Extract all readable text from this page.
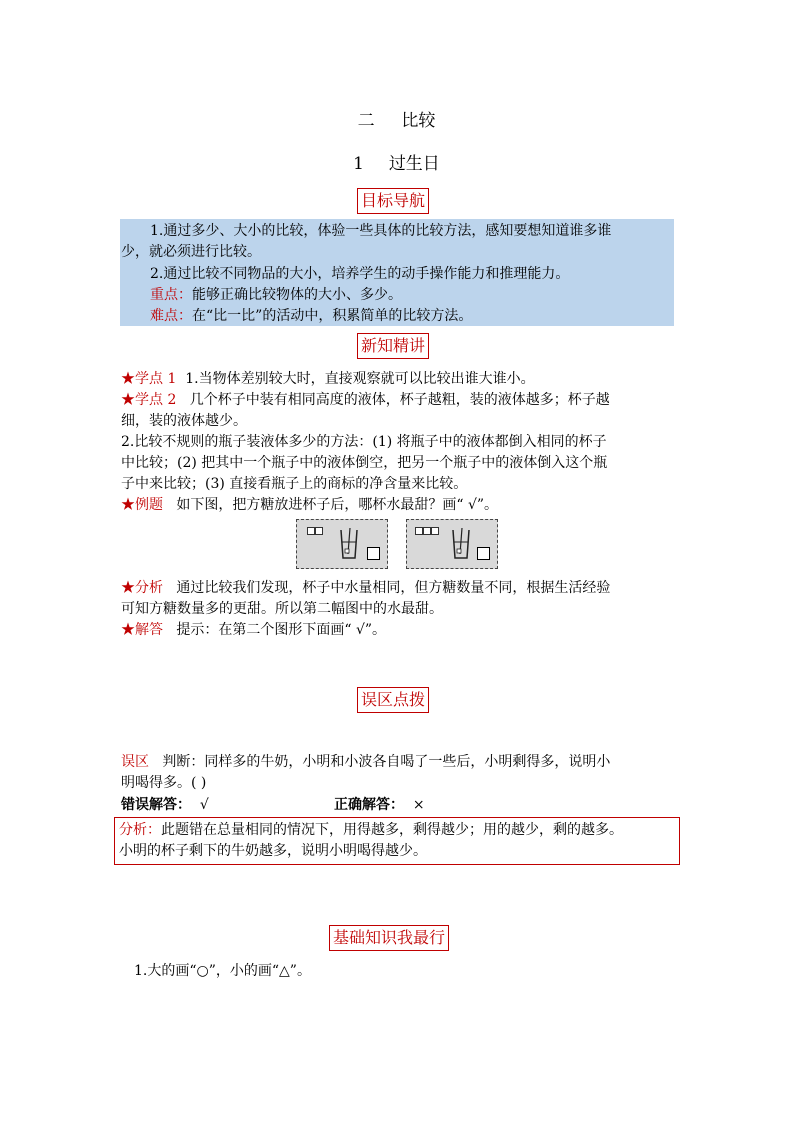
二 比较
1 过生日
目标导航
1.通过多少、大小的比较，体验一些具体的比较方法，感知要想知道谁多谁
少，就必须进行比较。
2.通过比较不同物品的大小，培养学生的动手操作能力和推理能力。
重点：能够正确比较物体的大小、多少。
难点：在“比一比”的活动中，积累简单的比较方法。
新知精讲
★学点 1 1.当物体差别较大时，直接观察就可以比较出谁大谁小。
★学点 2 几个杯子中装有相同高度的液体，杯子越粗，装的液体越多；杯子越
细，装的液体越少。
2.比较不规则的瓶子装液体多少的方法：(1) 将瓶子中的液体都倒入相同的杯子
中比较；(2) 把其中一个瓶子中的液体倒空，把另一个瓶子中的液体倒入这个瓶
子中来比较；(3) 直接看瓶子上的商标的净含量来比较。
★例题 如下图，把方糖放进杯子后，哪杯水最甜？画“ √”。
★分析 通过比较我们发现，杯子中水量相同，但方糖数量不同，根据生活经验
可知方糖数量多的更甜。所以第二幅图中的水最甜。
★解答 提示：在第二个图形下面画“ √”。
误区点拨
误区 判断：同样多的牛奶，小明和小波各自喝了一些后，小明剩得多，说明小
明喝得多。( )
错误解答： √	正确解答： ×
分析：此题错在总量相同的情况下，用得越多，剩得越少；用的越少，剩的越多。
小明的杯子剩下的牛奶越多，说明小明喝得越少。
基础知识我最行
1.大的画“○”，小的画“△”。
